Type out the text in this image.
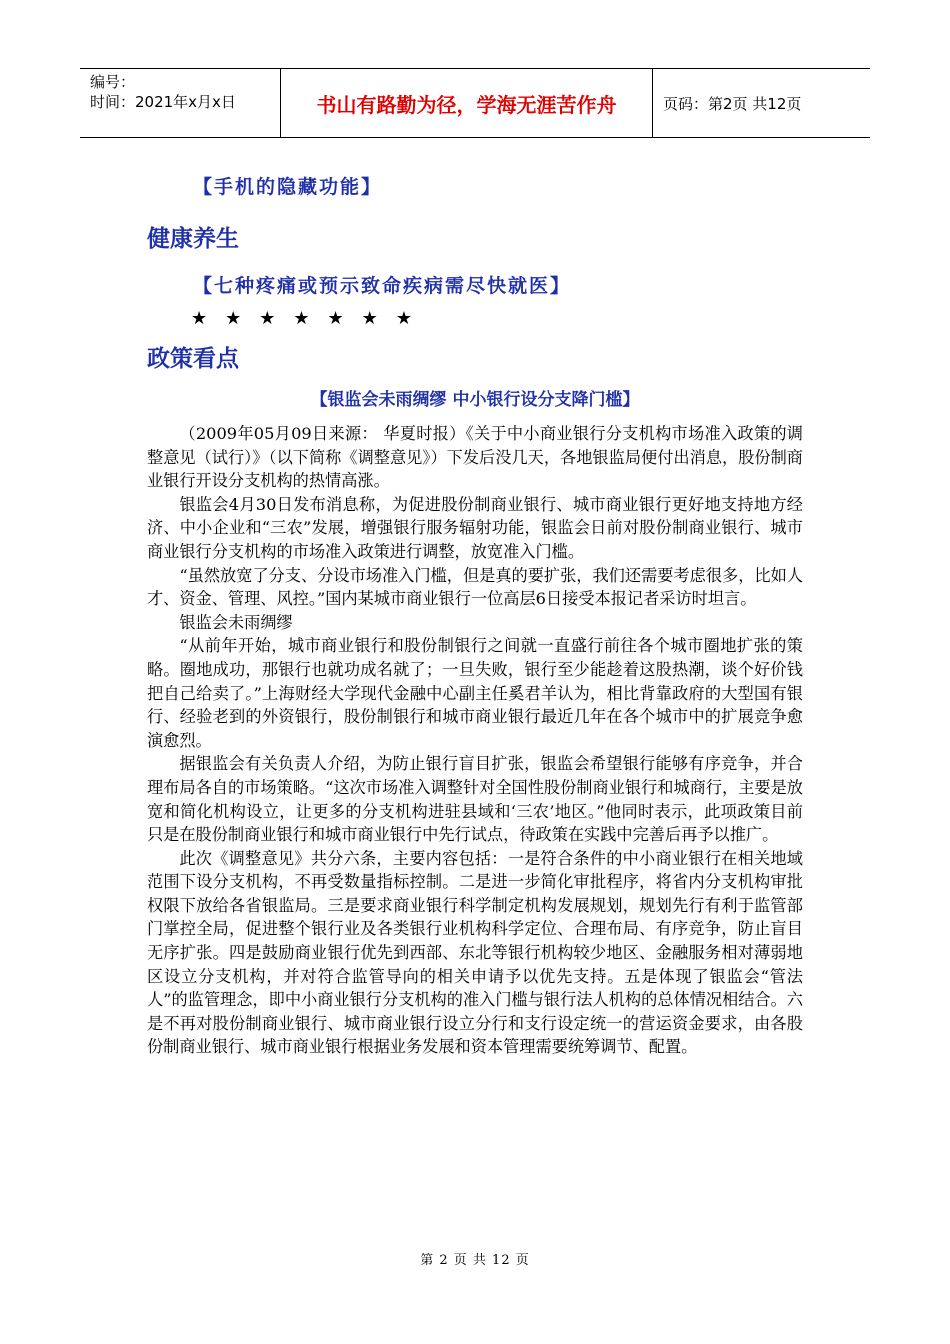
编号：
时间：2021年x月x日	书山有路勤为径，学海无涯苦作舟	页码：第2页 共12页
【手机的隐藏功能】
健康养生
【七种疼痛或预示致命疾病需尽快就医】
★★★★★★★
政策看点
【银监会未雨绸缪 中小银行设分支降门槛】

（2009年05月09日来源： 华夏时报）《关于中小商业银行分支机构市场准入政策的调整意见（试行）》（以下简称《调整意见》）下发后没几天，各地银监局便付出消息，股份制商业银行开设分支机构的热情高涨。

银监会4月30日发布消息称，为促进股份制商业银行、城市商业银行更好地支持地方经济、中小企业和“三农”发展，增强银行服务辐射功能，银监会日前对股份制商业银行、城市商业银行分支机构的市场准入政策进行调整，放宽准入门槛。

“虽然放宽了分支、分设市场准入门槛，但是真的要扩张，我们还需要考虑很多，比如人才、资金、管理、风控。”国内某城市商业银行一位高层6日接受本报记者采访时坦言。

银监会未雨绸缪

“从前年开始，城市商业银行和股份制银行之间就一直盛行前往各个城市圈地扩张的策略。圈地成功，那银行也就功成名就了；一旦失败，银行至少能趁着这股热潮，谈个好价钱把自己给卖了。”上海财经大学现代金融中心副主任奚君羊认为，相比背靠政府的大型国有银行、经验老到的外资银行，股份制银行和城市商业银行最近几年在各个城市中的扩展竞争愈演愈烈。

据银监会有关负责人介绍，为防止银行盲目扩张，银监会希望银行能够有序竞争，并合理布局各自的市场策略。“这次市场准入调整针对全国性股份制商业银行和城商行，主要是放宽和简化机构设立，让更多的分支机构进驻县域和‘三农’地区。”他同时表示，此项政策目前只是在股份制商业银行和城市商业银行中先行试点，待政策在实践中完善后再予以推广。

此次《调整意见》共分六条，主要内容包括：一是符合条件的中小商业银行在相关地域范围下设分支机构，不再受数量指标控制。二是进一步简化审批程序，将省内分支机构审批权限下放给各省银监局。三是要求商业银行科学制定机构发展规划，规划先行有利于监管部门掌控全局，促进整个银行业及各类银行业机构科学定位、合理布局、有序竞争，防止盲目无序扩张。四是鼓励商业银行优先到西部、东北等银行机构较少地区、金融服务相对薄弱地区设立分支机构，并对符合监管导向的相关申请予以优先支持。五是体现了银监会“管法人”的监管理念，即中小商业银行分支机构的准入门槛与银行法人机构的总体情况相结合。六是不再对股份制商业银行、城市商业银行设立分行和支行设定统一的营运资金要求，由各股份制商业银行、城市商业银行根据业务发展和资本管理需要统筹调节、配置。

第 2 页 共 12 页
